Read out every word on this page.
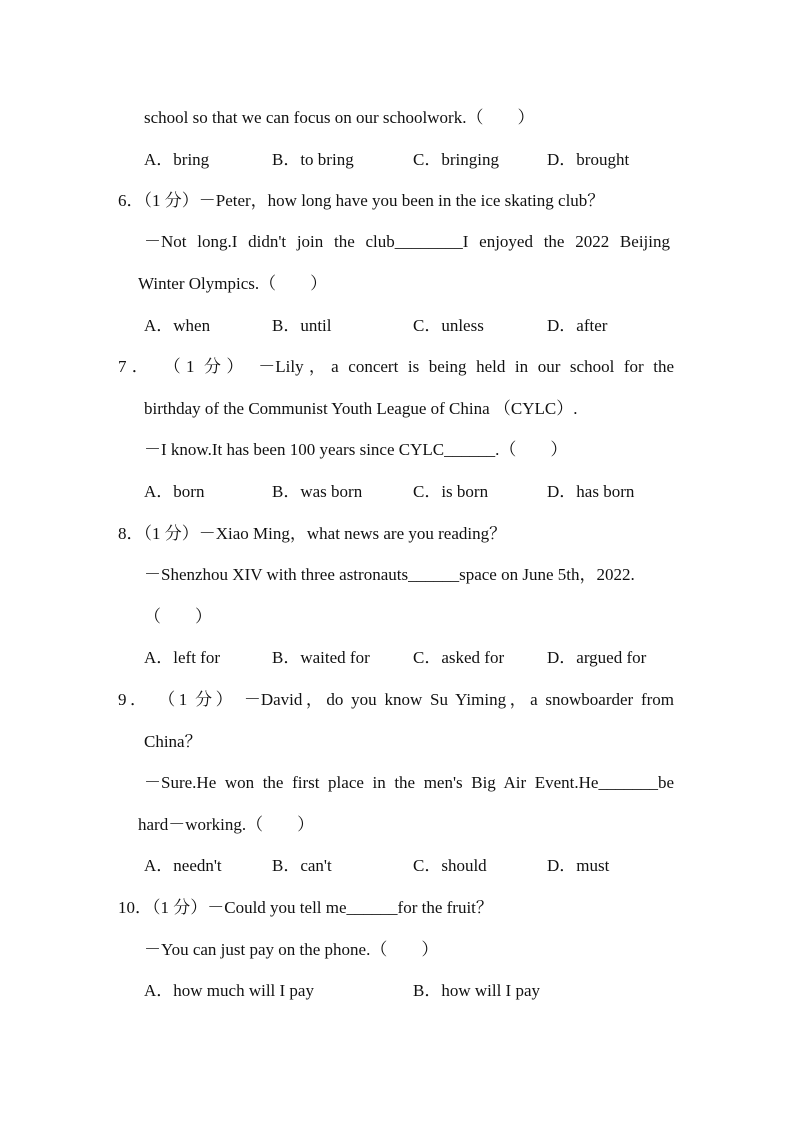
school so that we can focus on our schoolwork.（　　）
A．bring	B．to bring	C．bringing	D．brought
6．（1 分）－Peter，how long have you been in the ice skating club？
－Not long.I didn't join the club________I enjoyed the 2022 Beijing
Winter Olympics.（　　）
A．when	B．until	C．unless	D．after
7． （1 分） －Lily，a concert is being held in our school for the
birthday of the Communist Youth League of China （CYLC）.
－I know.It has been 100 years since CYLC______.（　　）
A．born	B．was born	C．is born	D．has born
8．（1 分）－Xiao Ming，what news are you reading？
－Shenzhou XIV with three astronauts______space on June 5th，2022.
（　　）
A．left for	B．waited for	C．asked for	D．argued for
9． （1 分） －David，do you know Su Yiming，a snowboarder from
China？
－Sure.He won the first place in the men's Big Air Event.He_______be
hard－working.（　　）
A．needn't	B．can't	C．should	D．must
10．（1 分）－Could you tell me______for the fruit？
－You can just pay on the phone.（　　）
A．how much will I pay	B．how will I pay
